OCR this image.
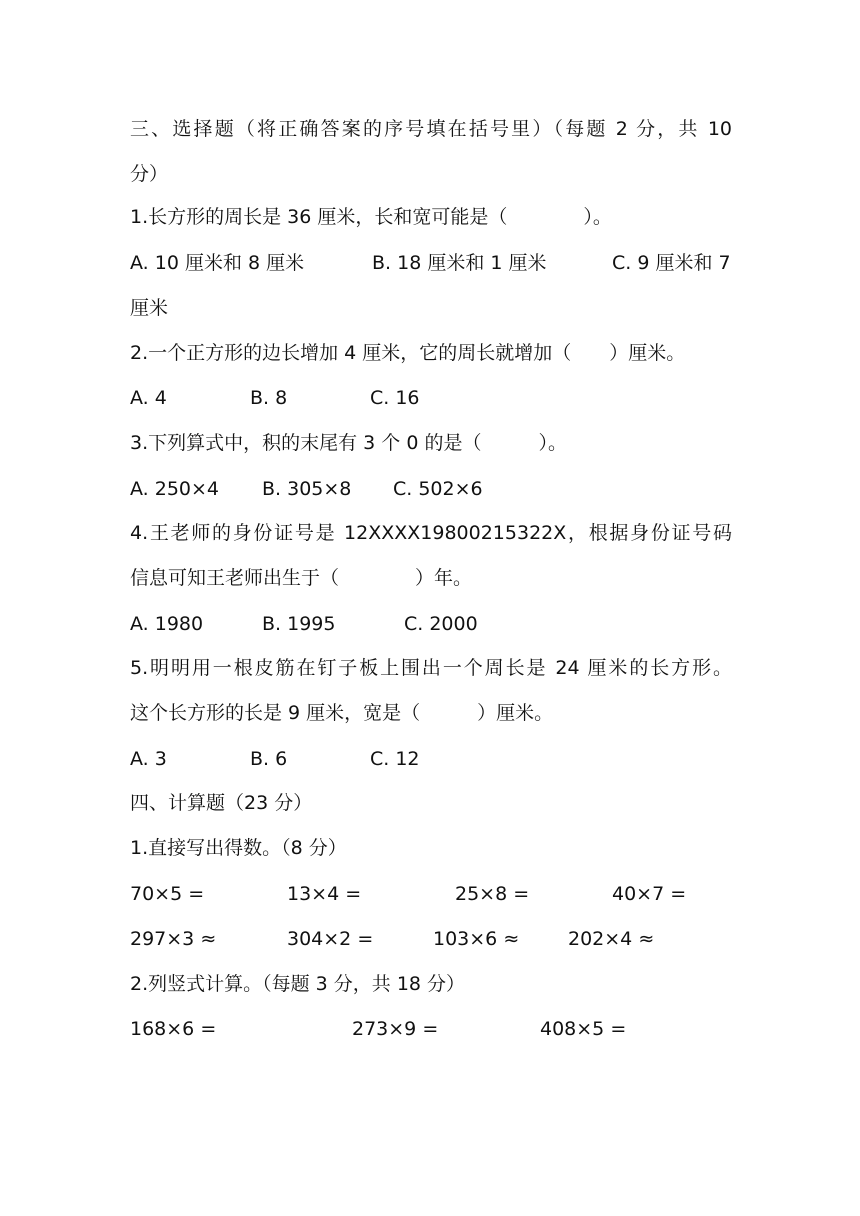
三、选择题（将正确答案的序号填在括号里）（每题 2 分，共 10
分）
1.长方形的周长是 36 厘米，长和宽可能是（　　　　）。
A. 10 厘米和 8 厘米	B. 18 厘米和 1 厘米	C. 9 厘米和 7
厘米
2.一个正方形的边长增加 4 厘米，它的周长就增加（　　）厘米。
A. 4	B. 8	C. 16
3.下列算式中，积的末尾有 3 个 0 的是（　　　）。
A. 250×4 B. 305×8 C. 502×6
4.王老师的身份证号是 12XXXX19800215322X，根据身份证号码
信息可知王老师出生于（　　　　）年。
A. 1980	B. 1995	C. 2000
5.明明用一根皮筋在钉子板上围出一个周长是 24 厘米的长方形。
这个长方形的长是 9 厘米，宽是（　　　）厘米。
A. 3	B. 6	C. 12
四、计算题（23 分）
1.直接写出得数。（8 分）
70×5 =	13×4 =	25×8 =	40×7 =
297×3 ≈	304×2 =	103×6 ≈	202×4 ≈
2.列竖式计算。（每题 3 分，共 18 分）
168×6 =	273×9 =	408×5 =
